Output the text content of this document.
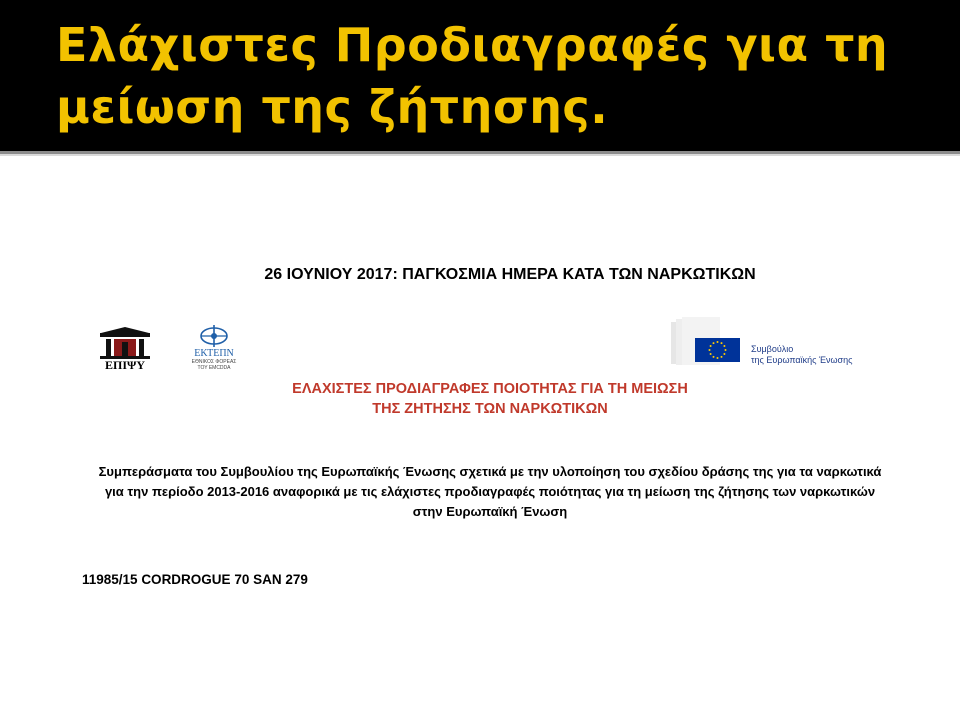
Ελάχιστες Προδιαγραφές για τη μείωση της ζήτησης.

26 ΙΟΥΝΙΟΥ 2017: ΠΑΓΚΟΣΜΙΑ ΗΜΕΡΑ ΚΑΤΑ ΤΩΝ ΝΑΡΚΩΤΙΚΩΝ

ΕΠΙΨΥ
ΕΚΤΕΠΝ
ΕΘΝΙΚΟΣ ΦΟΡΕΑΣ
ΤΟΥ EMCDDA
Συμβούλιο
της Ευρωπαϊκής Ένωσης

ΕΛΑΧΙΣΤΕΣ ΠΡΟΔΙΑΓΡΑΦΕΣ ΠΟΙΟΤΗΤΑΣ ΓΙΑ ΤΗ ΜΕΙΩΣΗ ΤΗΣ ΖΗΤΗΣΗΣ ΤΩΝ ΝΑΡΚΩΤΙΚΩΝ

Συμπεράσματα του Συμβουλίου της Ευρωπαϊκής Ένωσης σχετικά με την υλοποίηση του σχεδίου δράσης της για τα ναρκωτικά για την περίοδο 2013-2016 αναφορικά με τις ελάχιστες προδιαγραφές ποιότητας για τη μείωση της ζήτησης των ναρκωτικών στην Ευρωπαϊκή Ένωση

11985/15 CORDROGUE 70 SAN 279
